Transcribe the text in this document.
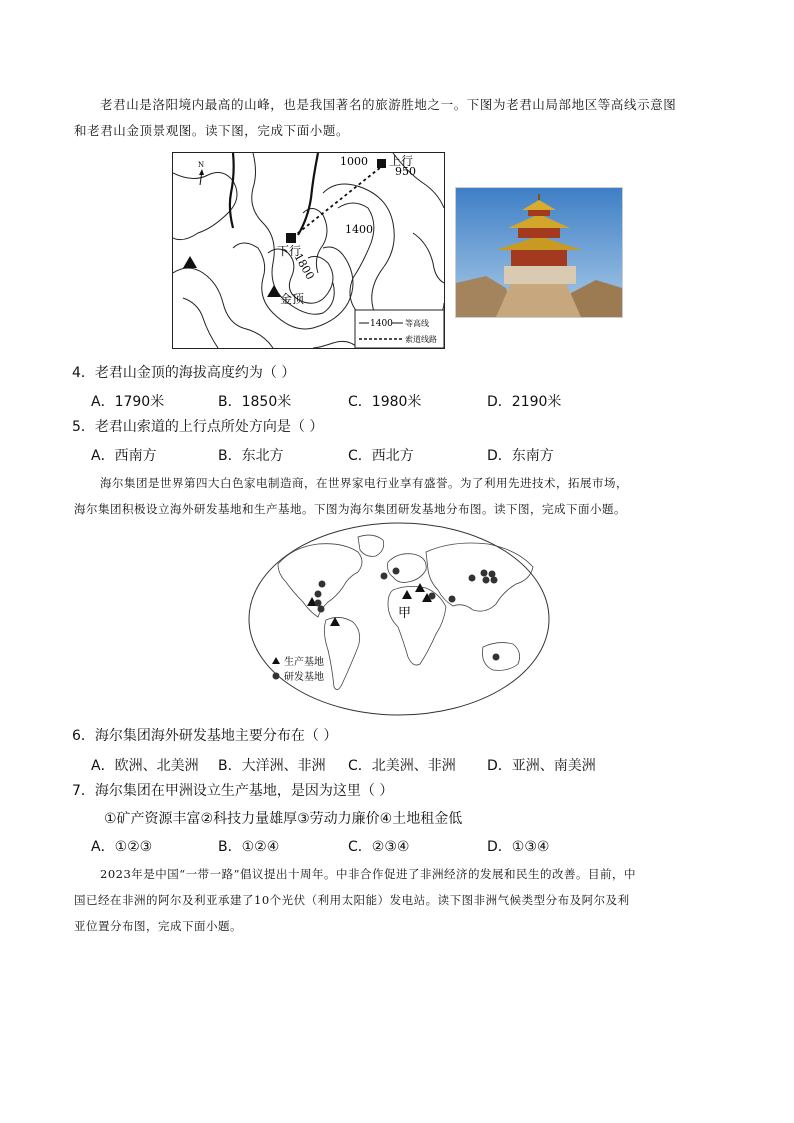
老君山是洛阳境内最高的山峰，也是我国著名的旅游胜地之一。下图为老君山局部地区等高线示意图
和老君山金顶景观图。读下图，完成下面小题。
N	1000
950
1400
1800
上行
下行
金顶
1400 等高线
索道线路
4．老君山金顶的海拔高度约为（ ）
A．1790米	B．1850米	C．1980米	D．2190米
5．老君山索道的上行点所处方向是（ ）
A．西南方	B．东北方	C．西北方	D．东南方
海尔集团是世界第四大白色家电制造商，在世界家电行业享有盛誉。为了利用先进技术，拓展市场，
海尔集团积极设立海外研发基地和生产基地。下图为海尔集团研发基地分布图。读下图，完成下面小题。
甲
生产基地
研发基地
6．海尔集团海外研发基地主要分布在（ ）
A．欧洲、北美洲 B．大洋洲、非洲 C．北美洲、非洲 D．亚洲、南美洲
7．海尔集团在甲洲设立生产基地，是因为这里（ ）
①矿产资源丰富②科技力量雄厚③劳动力廉价④土地租金低
A．①②③	B．①②④	C．②③④	D．①③④
2023年是中国“一带一路”倡议提出十周年。中非合作促进了非洲经济的发展和民生的改善。目前，中
国已经在非洲的阿尔及利亚承建了10个光伏（利用太阳能）发电站。读下图非洲气候类型分布及阿尔及利
亚位置分布图，完成下面小题。
